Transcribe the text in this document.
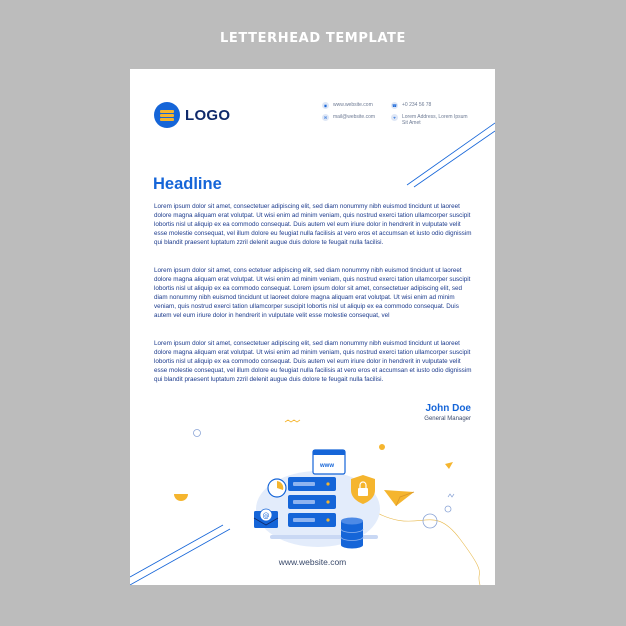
LETTERHEAD TEMPLATE
www
@
LOGO
◉	www.website.com
✉	mail@website.com
☎ +0 234 56 78
⌖	Lorem Address, Lorem Ipsum
Sit Amet
Headline

Lorem ipsum dolor sit amet, consectetuer adipiscing elit, sed diam nonummy nibh euismod tincidunt ut laoreet dolore magna aliquam erat volutpat. Ut wisi enim ad minim veniam, quis nostrud exerci tation ullamcorper suscipit lobortis nisl ut aliquip ex ea commodo consequat. Duis autem vel eum iriure dolor in hendrerit in vulputate velit esse molestie consequat, vel illum dolore eu feugiat nulla facilisis at vero eros et accumsan et iusto odio dignissim qui blandit praesent luptatum zzril delenit augue duis dolore te feugait nulla facilisi.

Lorem ipsum dolor sit amet, cons ectetuer adipiscing elit, sed diam nonummy nibh euismod tincidunt ut laoreet dolore magna aliquam erat volutpat. Ut wisi enim ad minim veniam, quis nostrud exerci tation ullamcorper suscipit lobortis nisl ut aliquip ex ea commodo consequat. Lorem ipsum dolor sit amet, consectetuer adipiscing elit, sed diam nonummy nibh euismod tincidunt ut laoreet dolore magna aliquam erat volutpat. Ut wisi enim ad minim veniam, quis nostrud exerci tation ullamcorper suscipit lobortis nisl ut aliquip ex ea commodo consequat. Duis autem vel eum iriure dolor in hendrerit in vulputate velit esse molestie consequat, vel

Lorem ipsum dolor sit amet, consectetuer adipiscing elit, sed diam nonummy nibh euismod tincidunt ut laoreet dolore magna aliquam erat volutpat. Ut wisi enim ad minim veniam, quis nostrud exerci tation ullamcorper suscipit lobortis nisl ut aliquip ex ea commodo consequat. Duis autem vel eum iriure dolor in hendrerit in vulputate velit esse molestie consequat, vel illum dolore eu feugiat nulla facilisis at vero eros et accumsan et iusto odio dignissim qui blandit praesent luptatum zzril delenit augue duis dolore te feugait nulla facilisi.

John Doe
General Manager
www.website.com
